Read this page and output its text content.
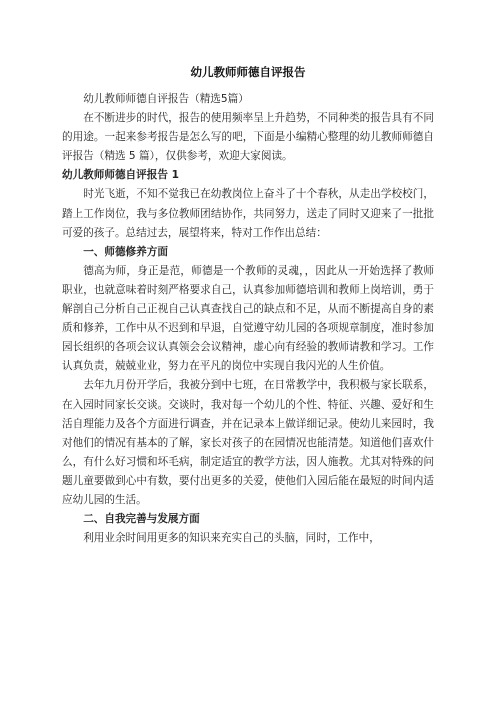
幼儿教师师德自评报告

幼儿教师师德自评报告（精选5篇）

在不断进步的时代，报告的使用频率呈上升趋势，不同种类的报告具有不同的用途。一起来参考报告是怎么写的吧，下面是小编精心整理的幼儿教师师德自评报告（精选 5 篇），仅供参考，欢迎大家阅读。

幼儿教师师德自评报告 1

时光飞逝，不知不觉我已在幼教岗位上奋斗了十个春秋，从走出学校校门，踏上工作岗位，我与多位教师团结协作，共同努力，送走了同时又迎来了一批批可爱的孩子。总结过去，展望将来，特对工作作出总结：

一、师德修养方面

德高为师，身正是范，师德是一个教师的灵魂，，因此从一开始选择了教师职业，也就意味着时刻严格要求自己，认真参加师德培训和教师上岗培训，勇于解剖自己分析自己正视自己认真查找自己的缺点和不足，从而不断提高自身的素质和修养，工作中从不迟到和早退，自觉遵守幼儿园的各项规章制度，准时参加园长组织的各项会议认真领会会议精神，虚心向有经验的教师请教和学习。工作认真负责，兢兢业业，努力在平凡的岗位中实现自我闪光的人生价值。

去年九月份开学后，我被分到中七班，在日常教学中，我积极与家长联系，在入园时同家长交谈。交谈时，我对每一个幼儿的个性、特征、兴趣、爱好和生活自理能力及各个方面进行调查，并在记录本上做详细记录。使幼儿来园时，我对他们的情况有基本的了解，家长对孩子的在园情况也能清楚。知道他们喜欢什么，有什么好习惯和坏毛病，制定适宜的教学方法，因人施教。尤其对特殊的问题儿童要做到心中有数，要付出更多的关爱，使他们入园后能在最短的时间内适应幼儿园的生活。

二、自我完善与发展方面

利用业余时间用更多的知识来充实自己的头脑，同时，工作中，
